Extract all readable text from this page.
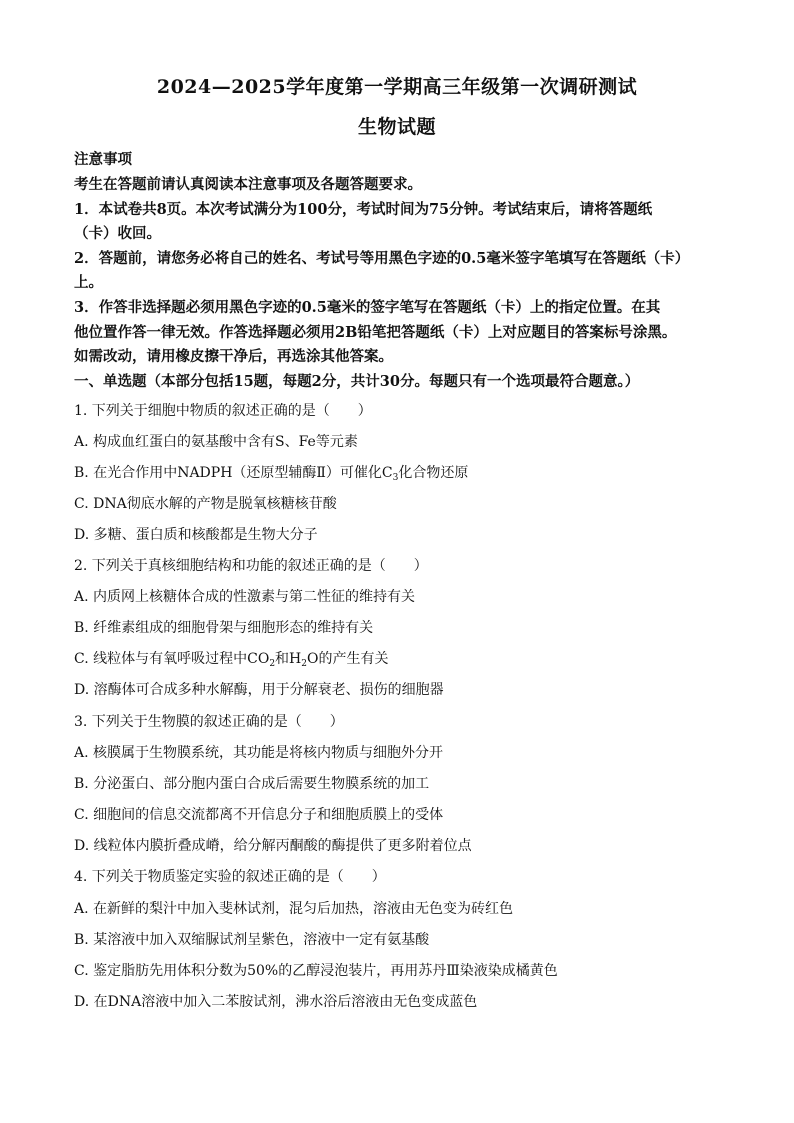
2024—2025学年度第一学期高三年级第一次调研测试
生物试题
注意事项
考生在答题前请认真阅读本注意事项及各题答题要求。
1．本试卷共8页。本次考试满分为100分，考试时间为75分钟。考试结束后，请将答题纸
（卡）收回。
2．答题前，请您务必将自己的姓名、考试号等用黑色字迹的0.5毫米签字笔填写在答题纸（卡）
上。
3．作答非选择题必须用黑色字迹的0.5毫米的签字笔写在答题纸（卡）上的指定位置。在其
他位置作答一律无效。作答选择题必须用2B铅笔把答题纸（卡）上对应题目的答案标号涂黑。
如需改动，请用橡皮擦干净后，再选涂其他答案。
一、单选题（本部分包括15题，每题2分，共计30分。每题只有一个选项最符合题意。）
1. 下列关于细胞中物质的叙述正确的是（　　）
A. 构成血红蛋白的氨基酸中含有S、Fe等元素
B. 在光合作用中NADPH（还原型辅酶Ⅱ）可催化$C_3$化合物还原
C. DNA彻底水解的产物是脱氧核糖核苷酸
D. 多糖、蛋白质和核酸都是生物大分子
2. 下列关于真核细胞结构和功能的叙述正确的是（　　）
A. 内质网上核糖体合成的性激素与第二性征的维持有关
B. 纤维素组成的细胞骨架与细胞形态的维持有关
C. 线粒体与有氧呼吸过程中$CO_2$和$H_2O$的产生有关
D. 溶酶体可合成多种水解酶，用于分解衰老、损伤的细胞器
3. 下列关于生物膜的叙述正确的是（　　）
A. 核膜属于生物膜系统，其功能是将核内物质与细胞外分开
B. 分泌蛋白、部分胞内蛋白合成后需要生物膜系统的加工
C. 细胞间的信息交流都离不开信息分子和细胞质膜上的受体
D. 线粒体内膜折叠成嵴，给分解丙酮酸的酶提供了更多附着位点
4. 下列关于物质鉴定实验的叙述正确的是（　　）
A. 在新鲜的梨汁中加入斐林试剂，混匀后加热，溶液由无色变为砖红色
B. 某溶液中加入双缩脲试剂呈紫色，溶液中一定有氨基酸
C. 鉴定脂肪先用体积分数为50%的乙醇浸泡装片，再用苏丹Ⅲ染液染成橘黄色
D. 在DNA溶液中加入二苯胺试剂，沸水浴后溶液由无色变成蓝色
